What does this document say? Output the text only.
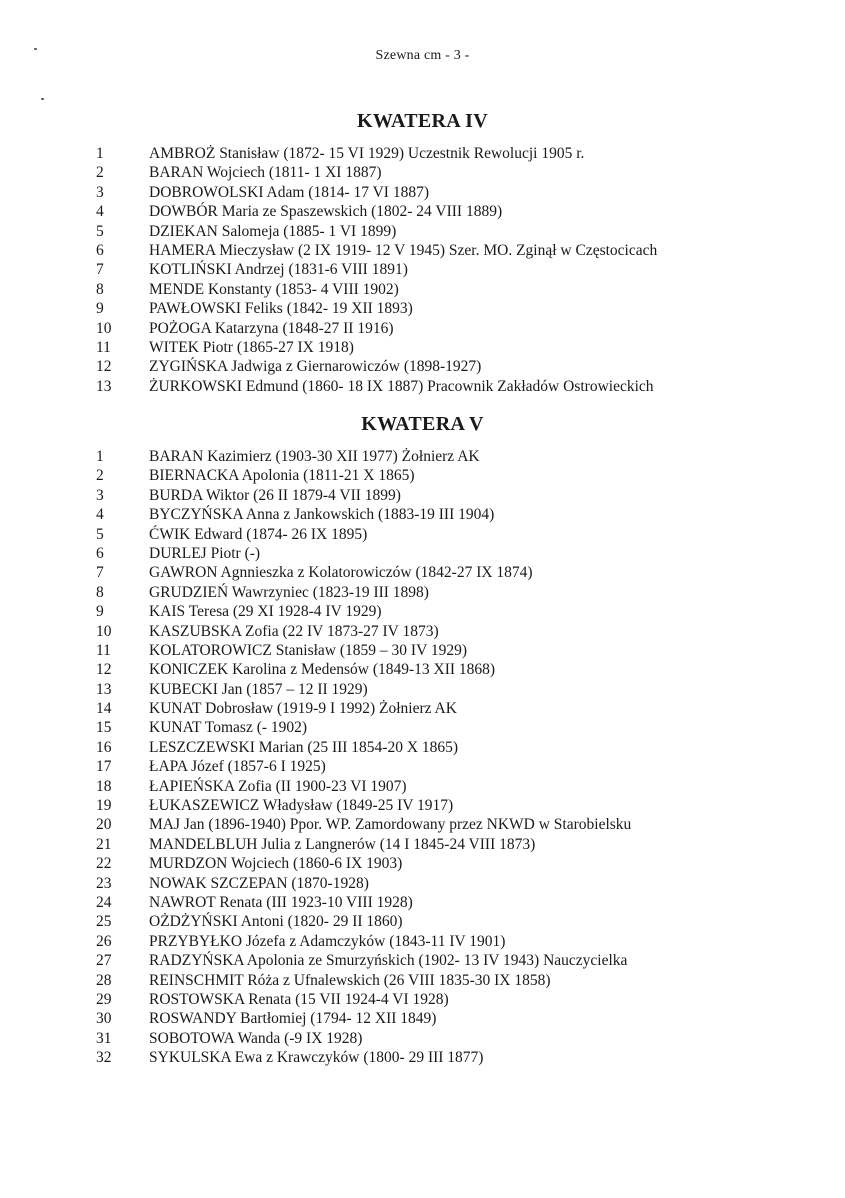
Szewna cm - 3 -
KWATERA IV
1	AMBROŻ Stanisław (1872- 15 VI 1929) Uczestnik Rewolucji 1905 r.
2	BARAN Wojciech (1811- 1 XI 1887)
3	DOBROWOLSKI Adam (1814- 17 VI 1887)
4	DOWBÓR Maria ze Spaszewskich (1802- 24 VIII 1889)
5	DZIEKAN Salomeja (1885- 1 VI 1899)
6	HAMERA Mieczysław (2 IX 1919- 12 V 1945) Szer. MO. Zginął w Częstocicach
7	KOTLIŃSKI Andrzej (1831-6 VIII 1891)
8	MENDE Konstanty (1853- 4 VIII 1902)
9	PAWŁOWSKI Feliks (1842- 19 XII 1893)
10	POŻOGA Katarzyna (1848-27 II 1916)
11	WITEK Piotr (1865-27 IX 1918)
12	ZYGIŃSKA Jadwiga z Giernarowiczów (1898-1927)
13	ŻURKOWSKI Edmund (1860- 18 IX 1887) Pracownik Zakładów Ostrowieckich
KWATERA V
1	BARAN Kazimierz (1903-30 XII 1977) Żołnierz AK
2	BIERNACKA Apolonia (1811-21 X 1865)
3	BURDA Wiktor (26 II 1879-4 VII 1899)
4	BYCZYŃSKA Anna z Jankowskich (1883-19 III 1904)
5	ĆWIK Edward (1874- 26 IX 1895)
6	DURLEJ Piotr (-)
7	GAWRON Agnnieszka z Kolatorowiczów (1842-27 IX 1874)
8	GRUDZIEŃ Wawrzyniec (1823-19 III 1898)
9	KAIS Teresa (29 XI 1928-4 IV 1929)
10	KASZUBSKA Zofia (22 IV 1873-27 IV 1873)
11	KOLATOROWICZ Stanisław (1859 – 30 IV 1929)
12	KONICZEK Karolina z Medensów (1849-13 XII 1868)
13	KUBECKI Jan (1857 – 12 II 1929)
14	KUNAT Dobrosław (1919-9 I 1992) Żołnierz AK
15	KUNAT Tomasz (- 1902)
16	LESZCZEWSKI Marian (25 III 1854-20 X 1865)
17	ŁAPA Józef (1857-6 I 1925)
18	ŁAPIEŃSKA Zofia (II 1900-23 VI 1907)
19	ŁUKASZEWICZ Władysław (1849-25 IV 1917)
20	MAJ Jan (1896-1940) Ppor. WP. Zamordowany przez NKWD w Starobielsku
21	MANDELBLUH Julia z Langnerów (14 I 1845-24 VIII 1873)
22	MURDZON Wojciech (1860-6 IX 1903)
23	NOWAK SZCZEPAN (1870-1928)
24	NAWROT Renata (III 1923-10 VIII 1928)
25	OŻDŻYŃSKI Antoni (1820- 29 II 1860)
26	PRZYBYŁKO Józefa z Adamczyków (1843-11 IV 1901)
27	RADZYŃSKA Apolonia ze Smurzyńskich (1902- 13 IV 1943) Nauczycielka
28	REINSCHMIT Róża z Ufnalewskich (26 VIII 1835-30 IX 1858)
29	ROSTOWSKA Renata (15 VII 1924-4 VI 1928)
30	ROSWANDY Bartłomiej (1794- 12 XII 1849)
31	SOBOTOWA Wanda (-9 IX 1928)
32	SYKULSKA Ewa z Krawczyków (1800- 29 III 1877)
